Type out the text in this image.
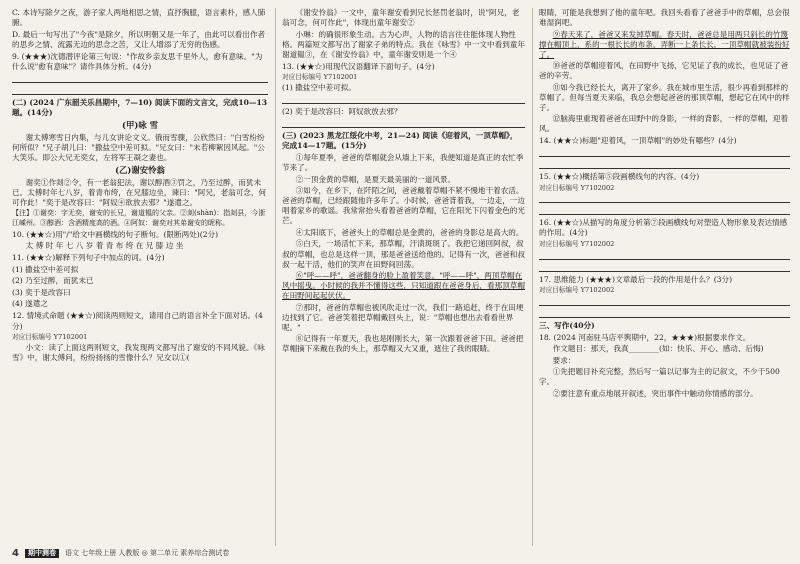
C. 本诗写除夕之夜，游子家人两地相思之情，直抒胸臆，语言素朴，感人肺腑。

D. 最后一句写出了"今夜"是除夕，所以明朝又是一年了，由此可以看出作者的思乡之情、流露无边的思念之苦，又让人增添了无穷的伤感。

9. (★★★)沈德潜评论第三句说："作故乡亲友思千里外人，愈有意味。"为什么说"愈有意味"？请作具体分析。(4分)

(二) (2024 广东韶关乐昌期中，7—10) 阅读下面的文言文，完成10—13题。(14分)

(甲)咏 雪

谢太傅寒雪日内集，与儿女讲论文义。俄而雪骤，公欣然曰："白雪纷纷何所似？"兄子胡儿曰："撒盐空中差可拟。"兄女曰："未若柳絮因风起。"公大笑乐。即公大兄无奕女，左将军王凝之妻也。

(乙)谢安怜翁

谢奕①作剡②令，有一老翁犯法，谢以醇酒③罚之，乃至过醉，而犹未已。太傅时年七八岁，着青布绔，在兄膝边坐，谏曰："阿兄，老翁可念，何可作此！"奕于是改容曰："阿奴④欲放去邪？"遂遣之。

【注】①谢奕：字无奕，谢安的长兄，谢道韫的父亲。②剡(shàn)：指剡县，今浙江嵊州。③醇酒：含酒精度高的酒。④阿奴：谢奕对其弟谢安的昵称。

10. (★★☆)用"/"给文中画横线的句子断句。(限断两处)(2分)

太 傅 时 年 七 八 岁 着 青 布 绔 在 兄 膝 边 坐

11. (★★☆)解释下列句子中加点的词。(4分)

(1) 撒盐空中差可拟

(2) 乃至过醉，而犹未已

(3) 奕于是改容曰

(4) 遂遣之

12. 情境式命题 (★★☆)阅读两则短文，请用自己的语言补全下面对话。(4分)

对应目标编号 Y7102001

小文：读了上面这两则短文，我发现两文都写出了谢安的不同风貌。《咏雪》中，谢太傅问，纷纷扬扬的雪像什么？兄女以①(

《谢安怜翁》一文中，童年谢安看到兄长惩罚老翁时，说"阿兄，老翁可念，何可作此"，体现出童年谢安②

小琳：的确很形象生动。古为心声，人物的语言往往能体现人物性格。两篇短文都写出了谢家子弟的特点。我在《咏雪》中一文中看到童年谢道韫③，在《谢安怜翁》中，童年谢安则是一个④

13. (★★☆)用现代汉语翻译下面句子。(4分)

对应目标编号 Y7102001

(1) 撒盐空中差可拟。

(2) 奕于是改容曰：阿奴欲放去邪？

(三) (2023 黑龙江绥化中考，21—24) 阅读《迎着风，一顶草帽》，完成14—17题。(15分)

①每年夏季，爸爸的草帽就会从墙上下来，我便知道是真正的农忙季节来了。

②一顶金黄的草帽，是夏天最美丽的一道风景。

③如今，在乡下，在阡陌之间，爸爸戴着草帽不紧不慢地干着农活。爸爸的草帽，已经跟随他许多年了。小时候，爸爸背着我，一边走，一边唱着家乡的歌谣。我常常抬头看着爸爸的草帽，它在阳光下闪着金色的光芒。

④太阳底下，爸爸头上的草帽总是金黄的，爸爸的身影总是高大的。

⑤白天，一场活忙下来，那草帽，汗渍斑斑了。我把它递回阿叔，叔叔的草帽，也总是这样一顶，那是爸爸送给他的。记得有一次，爸爸和叔叔一起干活，他们的笑声在田野间回荡。

⑥"呼——呼"，爸爸翻身的脸上盈着笑意。"呼——呼"，两顶草帽在风中摇曳。小时候的我并不懂得这些，只知道跟在爸爸身后，看那顶草帽在田野间起起伏伏。

⑦那时，爸爸的草帽也被风吹走过一次，我们一路追赶，终于在田埂边找到了它。爸爸笑着把草帽戴回头上，说："草帽也想出去看看世界呢。"

⑧记得有一年夏天，我也是刚刚长大，第一次跟着爸爸下田。爸爸把草帽摘下来戴在我的头上，那草帽又大又重，遮住了我的眼睛。

眼睛，可能是我想到了他的童年吧。我回头看看了爸爸手中的草帽，总会很难湿润吧。

⑨春天来了，爸爸又来发掉草帽。春天时，爸爸总是用两只斜长的竹篾撑在帽顶上，系的一根长长的布条，弄断一上条长长，一顶草帽就被装扮好了。

⑩爸爸的草帽迎着风，在田野中飞扬，它见证了我的成长，也见证了爸爸的辛劳。

⑪如今我已经长大，离开了家乡。我在城市里生活，很少再看到那样的草帽了。但每当夏天来临，我总会想起爸爸的那顶草帽，想起它在风中的样子。

⑫脑海里重现着爸爸在田野中的身影，一样的背影，一样的草帽，迎着风。

14. (★★☆)标题"迎着风，一顶草帽"的妙处有哪些？(4分)

15. (★★☆)概括第⑤段画横线句的内容。(4分)

对应目标编号 Y7102002

16. (★★☆)从描写的角度分析第⑦段画横线句对塑造人物形象及表达情感的作用。(4分)

对应目标编号 Y7102002

17. 思维能力 (★★★)文章最后一段的作用是什么？(3分)

对应目标编号 Y7102002

三、写作(40分)

18. (2024 河南驻马店平舆期中，22，★★★)根据要求作文。

作文题目：那天，我真________(如：快乐、开心、感动、后悔)

要求：

①先把题目补充完整，然后写一篇以记事为主的记叙文，不少于500字。

②要注意有重点地展开叙述，突出事件中触动你情感的部分。

4	期中测卷	语文 七年级上册 人教版 ◎ 第二单元 素养综合测试卷
